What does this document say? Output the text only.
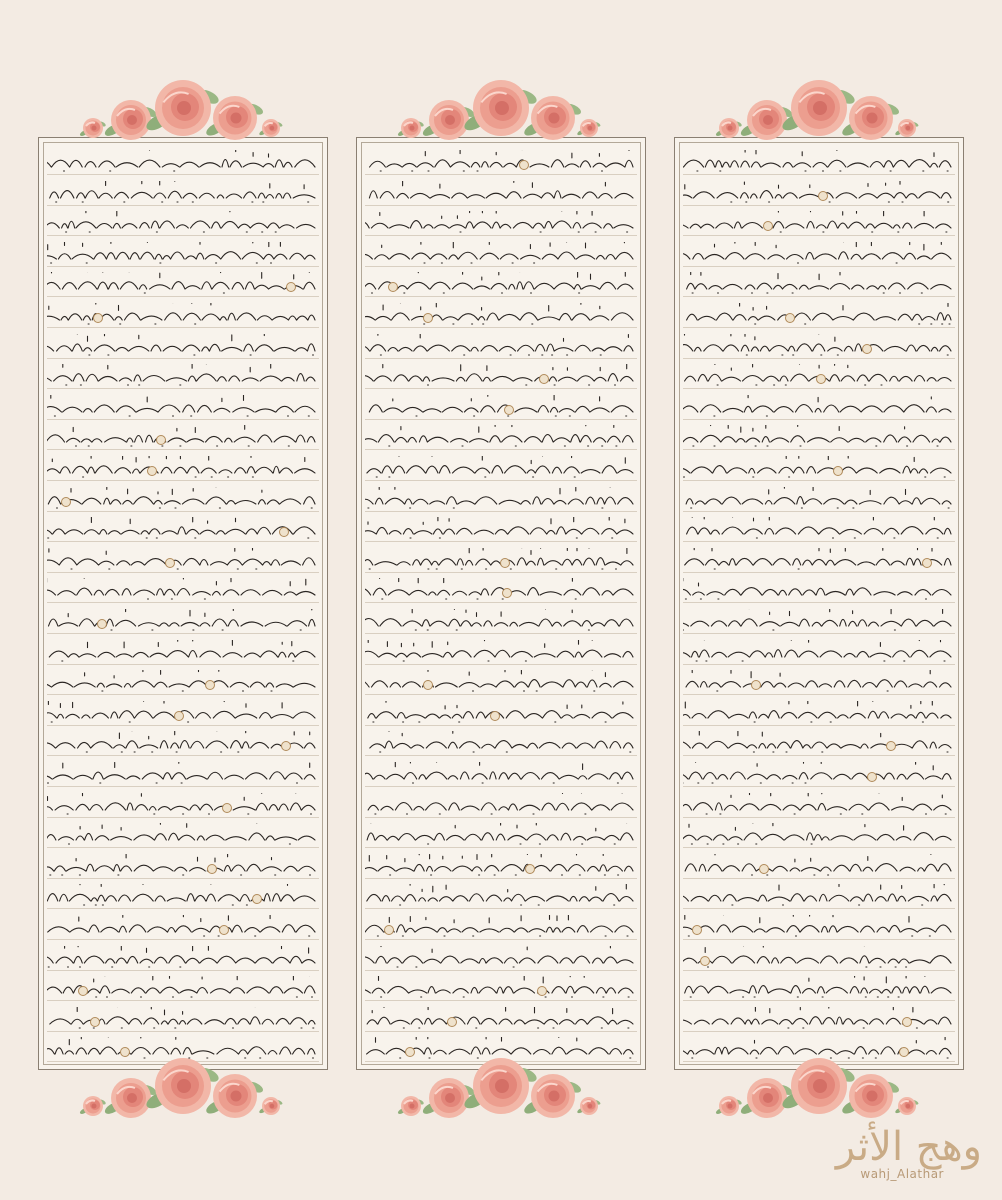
وهج الأثر
wahj_Alathar
